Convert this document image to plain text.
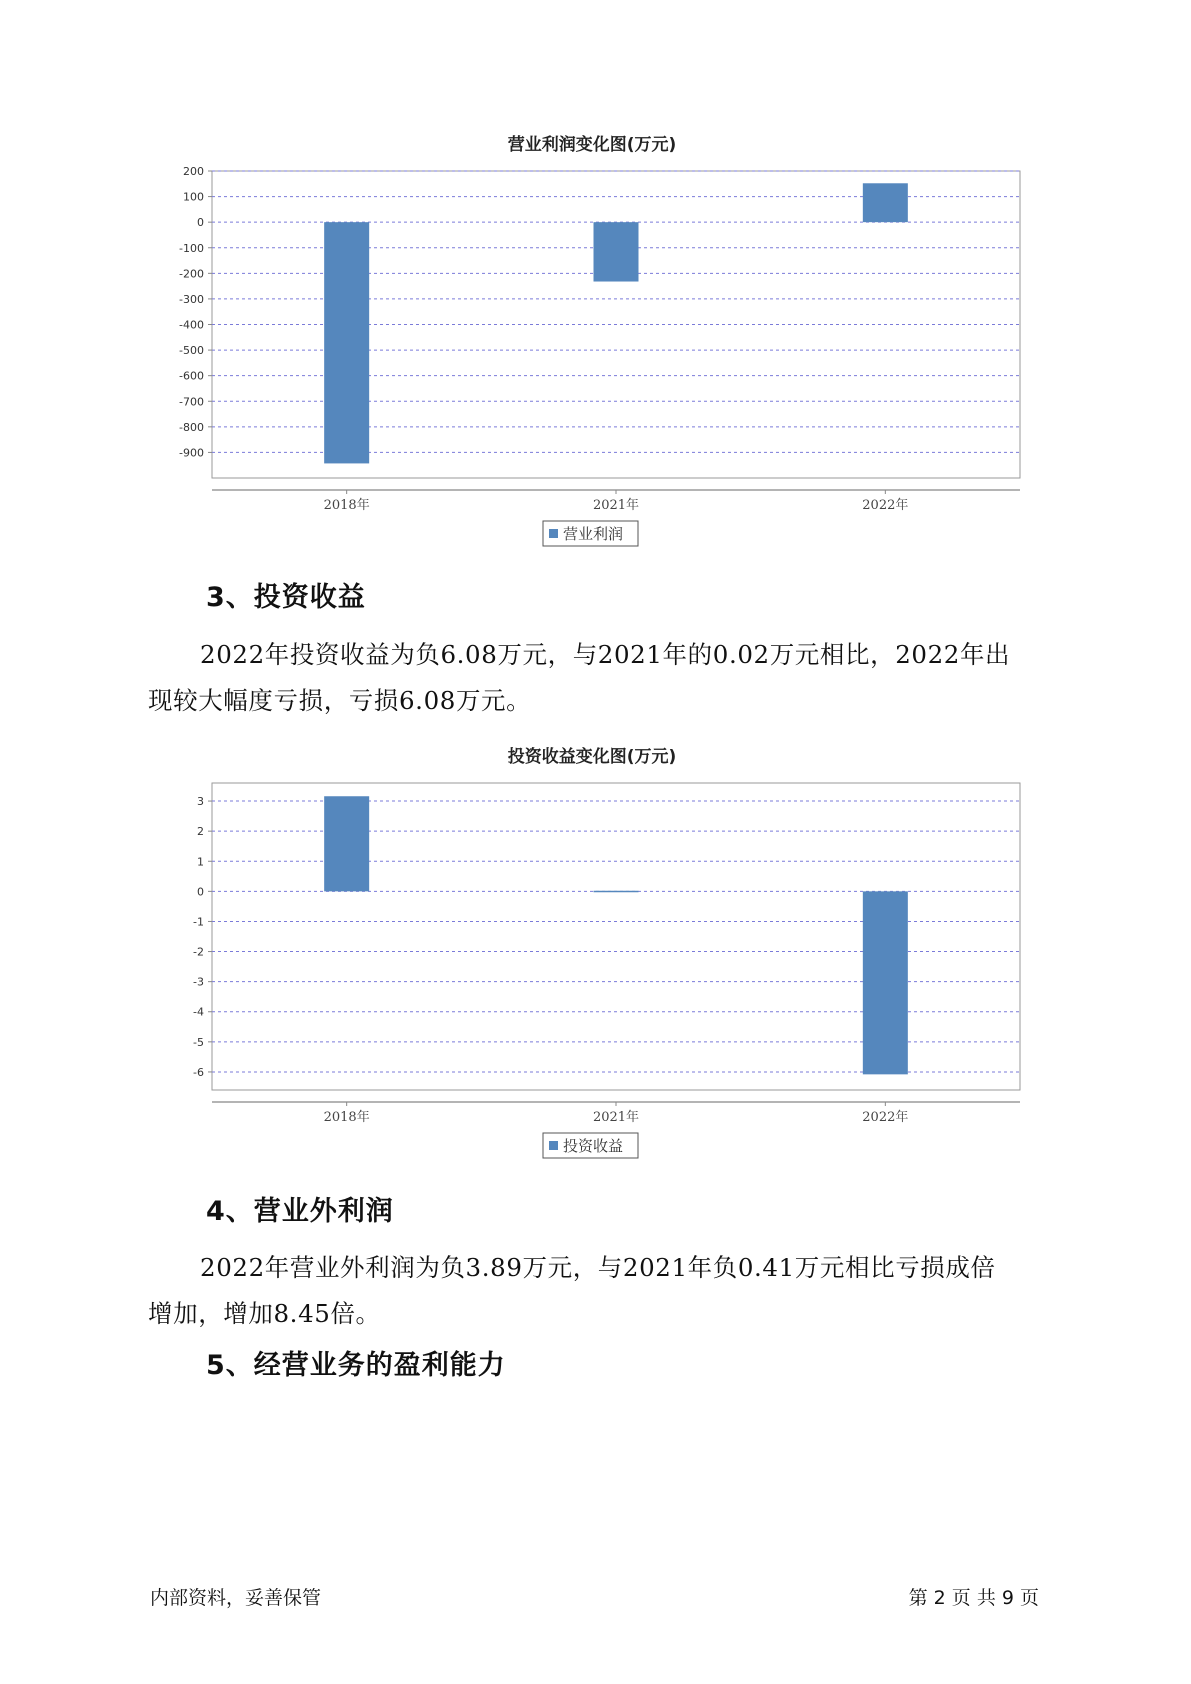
营业利润变化图(万元)
200
100
0
-100
-200
-300
-400
-500
-600
-700
-800
-900
2018年	2021年	2022年
营业利润
3、投资收益
2022年投资收益为负6.08万元，与2021年的0.02万元相比，2022年出
现较大幅度亏损，亏损6.08万元。
投资收益变化图(万元)
3
2
1
0
-1
-2
-3
-4
-5
-6
2018年	2021年	2022年
投资收益
4、营业外利润
2022年营业外利润为负3.89万元，与2021年负0.41万元相比亏损成倍
增加，增加8.45倍。
5、经营业务的盈利能力
内部资料，妥善保管	第 2 页 共 9 页
